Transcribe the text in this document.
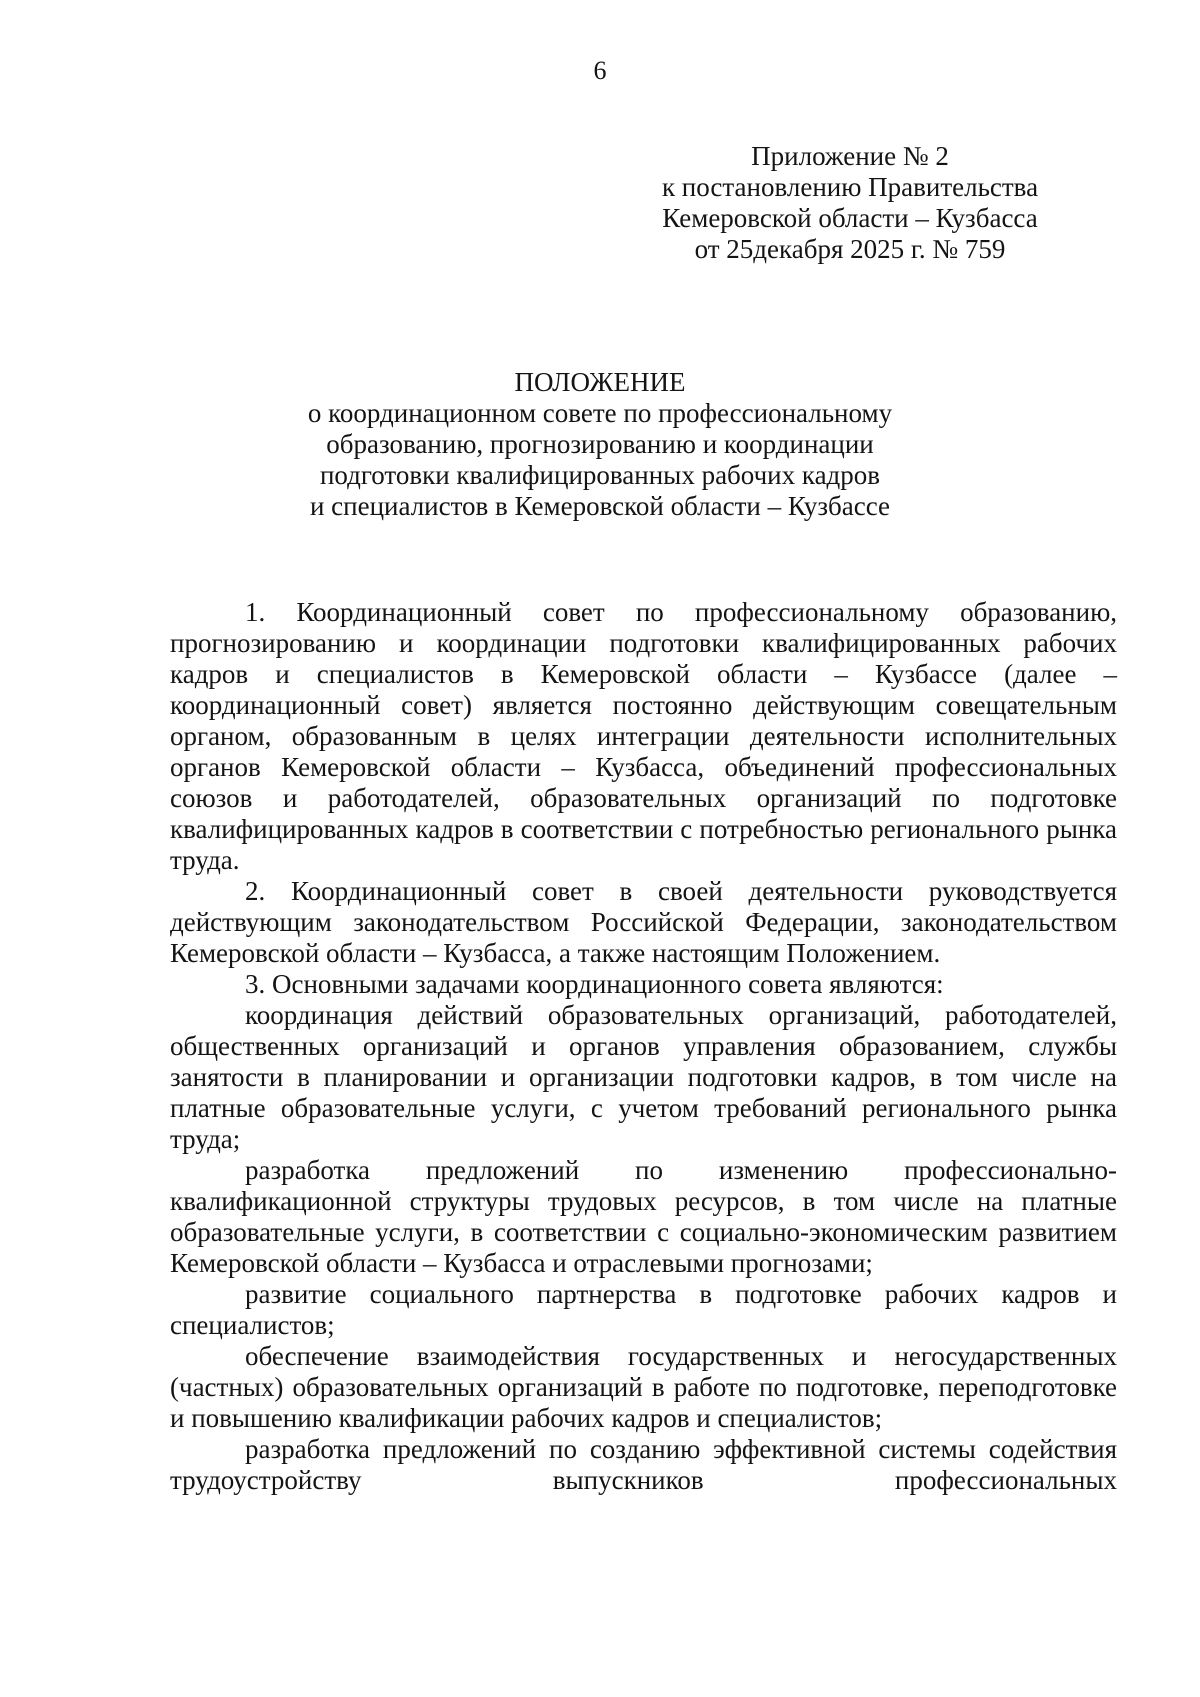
6
Приложение № 2
к постановлению Правительства
Кемеровской области – Кузбасса
от 25декабря 2025 г. № 759
ПОЛОЖЕНИЕ
о координационном совете по профессиональному
образованию, прогнозированию и координации
подготовки квалифицированных рабочих кадров
и специалистов в Кемеровской области – Кузбассе

1. Координационный совет по профессиональному образованию, прогнозированию и координации подготовки квалифицированных рабочих кадров и специалистов в Кемеровской области – Кузбассе (далее – координационный совет) является постоянно действующим совещательным органом, образованным в целях интеграции деятельности исполнительных органов Кемеровской области – Кузбасса, объединений профессиональных союзов и работодателей, образовательных организаций по подготовке квалифицированных кадров в соответствии с потребностью регионального рынка труда.

2. Координационный совет в своей деятельности руководствуется действующим законодательством Российской Федерации, законодательством Кемеровской области – Кузбасса, а также настоящим Положением.

3. Основными задачами координационного совета являются:

координация действий образовательных организаций, работодателей, общественных организаций и органов управления образованием, службы занятости в планировании и организации подготовки кадров, в том числе на платные образовательные услуги, с учетом требований регионального рынка труда;

разработка предложений по изменению профессионально-квалификационной структуры трудовых ресурсов, в том числе на платные образовательные услуги, в соответствии с социально-экономическим развитием Кемеровской области – Кузбасса и отраслевыми прогнозами;

развитие социального партнерства в подготовке рабочих кадров и специалистов;

обеспечение взаимодействия государственных и негосударственных (частных) образовательных организаций в работе по подготовке, переподготовке и повышению квалификации рабочих кадров и специалистов;

разработка предложений по созданию эффективной системы содействия трудоустройству выпускников профессиональных
